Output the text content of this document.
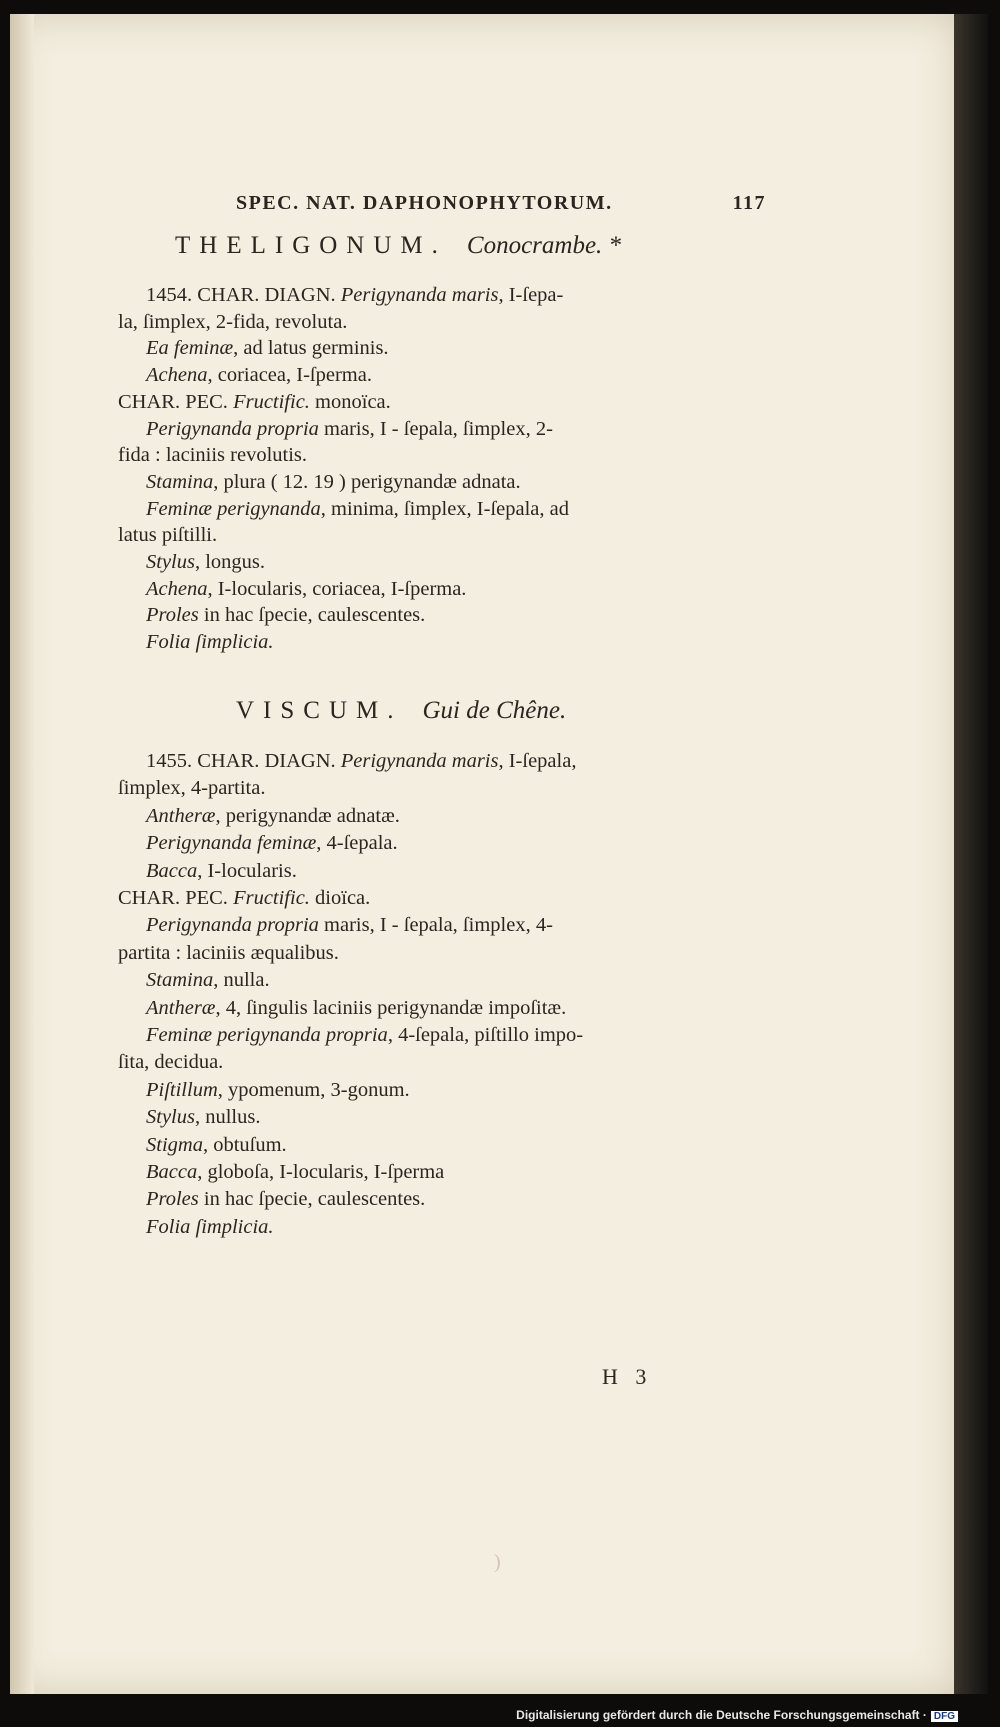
SPEC. NAT. DAPHONOPHYTORUM.	117
THELIGONUM. Conocrambe. *
1454. CHAR. DIAGN. Perigynanda maris, I-ſepa-
la, ſimplex, 2-fida, revoluta.
Ea feminæ, ad latus germinis.
Achena, coriacea, I-ſperma.
CHAR. PEC. Fructific. monoïca.
Perigynanda propria maris, I - ſepala, ſimplex, 2-
fida : laciniis revolutis.
Stamina, plura ( 12. 19 ) perigynandæ adnata.
Feminæ perigynanda, minima, ſimplex, I-ſepala, ad
latus piſtilli.
Stylus, longus.
Achena, I-locularis, coriacea, I-ſperma.
Proles in hac ſpecie, caulescentes.
Folia ſimplicia.
VISCUM. Gui de Chêne.
1455. CHAR. DIAGN. Perigynanda maris, I-ſepala,
ſimplex, 4-partita.
Antheræ, perigynandæ adnatæ.
Perigynanda feminæ, 4-ſepala.
Bacca, I-locularis.
CHAR. PEC. Fructific. dioïca.
Perigynanda propria maris, I - ſepala, ſimplex, 4-
partita : laciniis æqualibus.
Stamina, nulla.
Antheræ, 4, ſingulis laciniis perigynandæ impoſitæ.
Feminæ perigynanda propria, 4-ſepala, piſtillo impo-
ſita, decidua.
Piſtillum, ypomenum, 3-gonum.
Stylus, nullus.
Stigma, obtuſum.
Bacca, globoſa, I-locularis, I-ſperma
Proles in hac ſpecie, caulescentes.
Folia ſimplicia.
H 3
)
Digitalisierung gefördert durch die Deutsche Forschungsgemeinschaft · DFG
